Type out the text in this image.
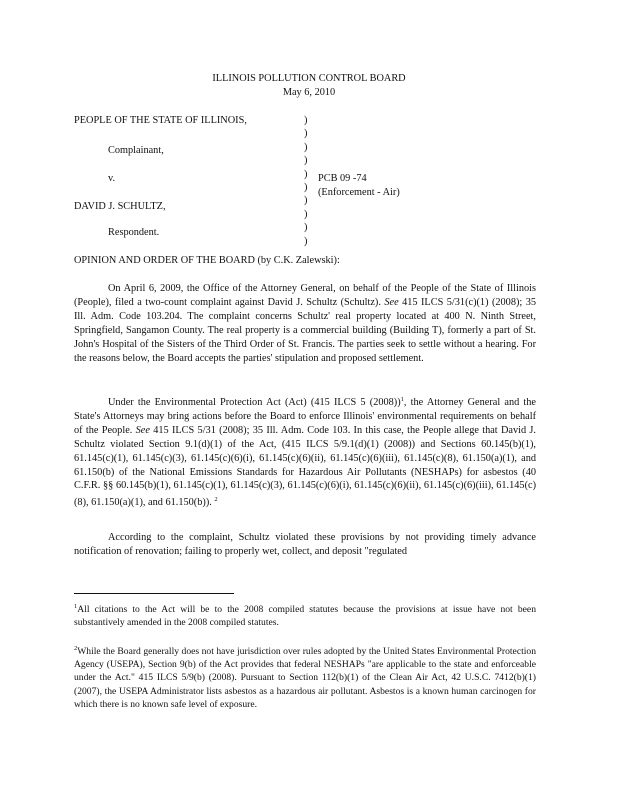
ILLINOIS POLLUTION CONTROL BOARD
May 6, 2010
PEOPLE OF THE STATE OF ILLINOIS,
Complainant,
v.	PCB 09 -74
(Enforcement - Air)
DAVID J. SCHULTZ,
Respondent.
)
)
)
)
)
)
)
)
)
)
OPINION AND ORDER OF THE BOARD (by C.K. Zalewski):
On April 6, 2009, the Office of the Attorney General, on behalf of the People of the State of Illinois (People), filed a two-count complaint against David J. Schultz (Schultz). See 415 ILCS 5/31(c)(1) (2008); 35 Ill. Adm. Code 103.204. The complaint concerns Schultz' real property located at 400 N. Ninth Street, Springfield, Sangamon County. The real property is a commercial building (Building T), formerly a part of St. John's Hospital of the Sisters of the Third Order of St. Francis. The parties seek to settle without a hearing. For the reasons below, the Board accepts the parties' stipulation and proposed settlement.
Under the Environmental Protection Act (Act) (415 ILCS 5 (2008))$^1$, the Attorney General and the State's Attorneys may bring actions before the Board to enforce Illinois' environmental requirements on behalf of the People. See 415 ILCS 5/31 (2008); 35 Ill. Adm. Code 103. In this case, the People allege that David J. Schultz violated Section 9.1(d)(1) of the Act, (415 ILCS 5/9.1(d)(1) (2008)) and Sections 60.145(b)(1), 61.145(c)(1), 61.145(c)(3), 61.145(c)(6)(i), 61.145(c)(6)(ii), 61.145(c)(6)(iii), 61.145(c)(8), 61.150(a)(1), and 61.150(b) of the National Emissions Standards for Hazardous Air Pollutants (NESHAPs) for asbestos (40 C.F.R. §§ 60.145(b)(1), 61.145(c)(1), 61.145(c)(3), 61.145(c)(6)(i), 61.145(c)(6)(ii), 61.145(c)(6)(iii), 61.145(c)(8), 61.150(a)(1), and 61.150(b)). $^2$
According to the complaint, Schultz violated these provisions by not providing timely advance notification of renovation; failing to properly wet, collect, and deposit "regulated
$^1$All citations to the Act will be to the 2008 compiled statutes because the provisions at issue have not been substantively amended in the 2008 compiled statutes.
$^2$While the Board generally does not have jurisdiction over rules adopted by the United States Environmental Protection Agency (USEPA), Section 9(b) of the Act provides that federal NESHAPs "are applicable to the state and enforceable under the Act." 415 ILCS 5/9(b) (2008). Pursuant to Section 112(b)(1) of the Clean Air Act, 42 U.S.C. 7412(b)(1) (2007), the USEPA Administrator lists asbestos as a hazardous air pollutant. Asbestos is a known human carcinogen for which there is no known safe level of exposure.
